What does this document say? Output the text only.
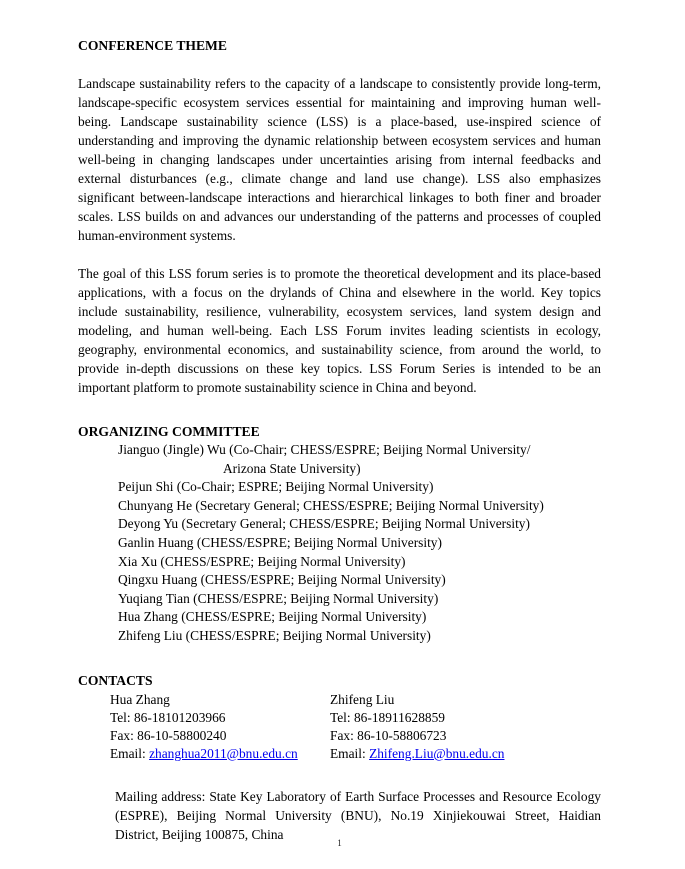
CONFERENCE THEME
Landscape sustainability refers to the capacity of a landscape to consistently provide long-term, landscape-specific ecosystem services essential for maintaining and improving human well-being. Landscape sustainability science (LSS) is a place-based, use-inspired science of understanding and improving the dynamic relationship between ecosystem services and human well-being in changing landscapes under uncertainties arising from internal feedbacks and external disturbances (e.g., climate change and land use change). LSS also emphasizes significant between-landscape interactions and hierarchical linkages to both finer and broader scales. LSS builds on and advances our understanding of the patterns and processes of coupled human-environment systems.
The goal of this LSS forum series is to promote the theoretical development and its place-based applications, with a focus on the drylands of China and elsewhere in the world. Key topics include sustainability, resilience, vulnerability, ecosystem services, land system design and modeling, and human well-being. Each LSS Forum invites leading scientists in ecology, geography, environmental economics, and sustainability science, from around the world, to provide in-depth discussions on these key topics. LSS Forum Series is intended to be an important platform to promote sustainability science in China and beyond.
ORGANIZING COMMITTEE
Jianguo (Jingle) Wu (Co-Chair; CHESS/ESPRE; Beijing Normal University/
Arizona State University)
Peijun Shi (Co-Chair; ESPRE; Beijing Normal University)
Chunyang He (Secretary General; CHESS/ESPRE; Beijing Normal University)
Deyong Yu (Secretary General; CHESS/ESPRE; Beijing Normal University)
Ganlin Huang (CHESS/ESPRE; Beijing Normal University)
Xia Xu (CHESS/ESPRE; Beijing Normal University)
Qingxu Huang (CHESS/ESPRE; Beijing Normal University)
Yuqiang Tian (CHESS/ESPRE; Beijing Normal University)
Hua Zhang (CHESS/ESPRE; Beijing Normal University)
Zhifeng Liu (CHESS/ESPRE; Beijing Normal University)
CONTACTS
Hua Zhang
Tel: 86-18101203966
Fax: 86-10-58800240
Email: zhanghua2011@bnu.edu.cn
Zhifeng Liu
Tel: 86-18911628859
Fax: 86-10-58806723
Email: Zhifeng.Liu@bnu.edu.cn
Mailing address: State Key Laboratory of Earth Surface Processes and Resource Ecology (ESPRE), Beijing Normal University (BNU), No.19 Xinjiekouwai Street, Haidian District, Beijing 100875, China
1
